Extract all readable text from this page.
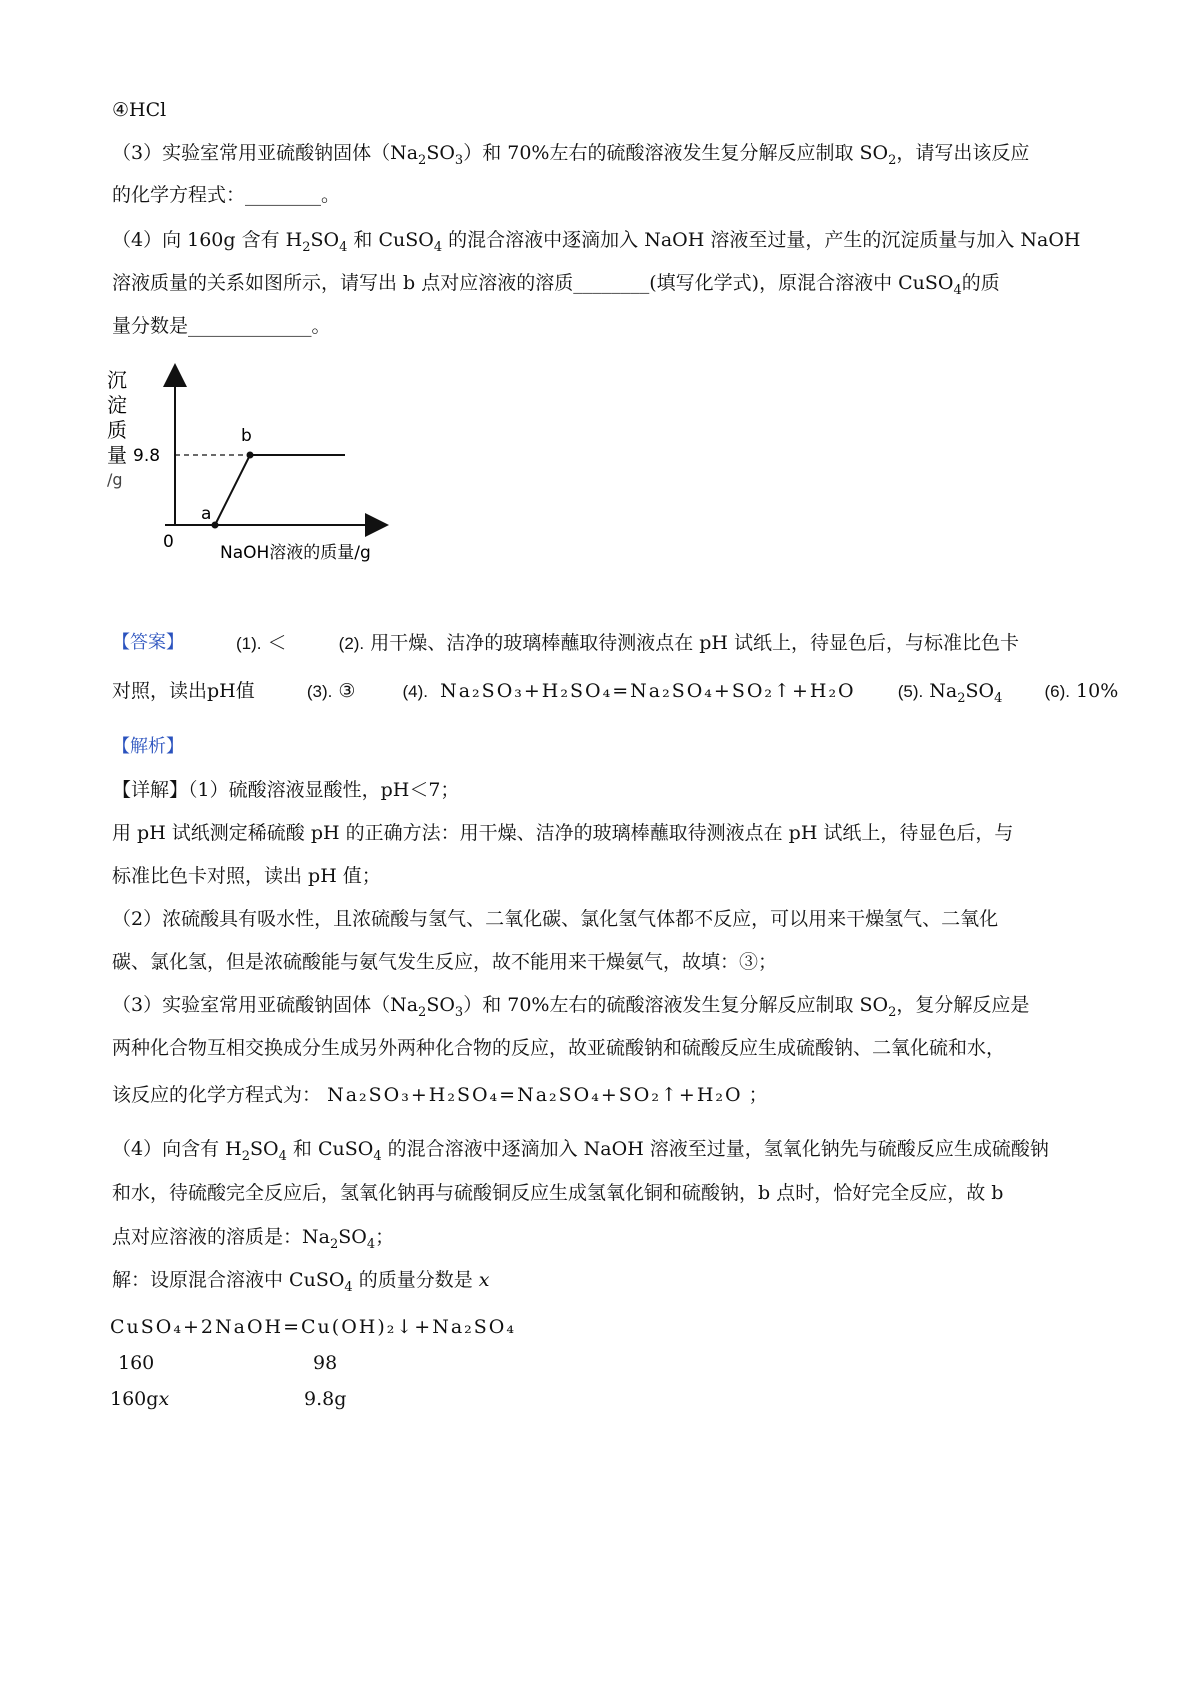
④HCl
（3）实验室常用亚硫酸钠固体$(Na_2SO_3)$和 70%左右的硫酸溶液发生复分解反应制取 $SO_2$，请写出该反应
的化学方程式：________。
（4）向 160g 含有 $H_2SO_4$ 和 CuSO$_4$ 的混合溶液中逐滴加入 NaOH 溶液至过量，产生的沉淀质量与加入 NaOH
溶液质量的关系如图所示，请写出 b 点对应溶液的溶质________(填写化学式)，原混合溶液中 CuSO$_4$的质
量分数是_____________。
a
b
9.8
0
沉
淀
质
量
/g
NaOH溶液的质量/g
【答案】	(1). ＜	(2). 用干燥、洁净的玻璃棒蘸取待测液点在 pH 试纸上，待显色后，与标准比色卡
对照，读出pH值	(3). ③	(4). Na₂SO₃+H₂SO₄=Na₂SO₄+SO₂↑+H₂O (5). $Na_2SO_4$ (6). 10%
【解析】
【详解】（1）硫酸溶液显酸性，pH＜7；
用 pH 试纸测定稀硫酸 pH 的正确方法：用干燥、洁净的玻璃棒蘸取待测液点在 pH 试纸上，待显色后，与
标准比色卡对照，读出 pH 值；
（2）浓硫酸具有吸水性，且浓硫酸与氢气、二氧化碳、氯化氢气体都不反应，可以用来干燥氢气、二氧化
碳、氯化氢，但是浓硫酸能与氨气发生反应，故不能用来干燥氨气，故填：③；
（3）实验室常用亚硫酸钠固体$(Na_2SO_3)$和 70%左右的硫酸溶液发生复分解反应制取 $SO_2$，复分解反应是
两种化合物互相交换成分生成另外两种化合物的反应，故亚硫酸钠和硫酸反应生成硫酸钠、二氧化硫和水，
该反应的化学方程式为： Na₂SO₃+H₂SO₄=Na₂SO₄+SO₂↑+H₂O ；
（4）向含有 $H_2SO_4$ 和 CuSO$_4$ 的混合溶液中逐滴加入 NaOH 溶液至过量，氢氧化钠先与硫酸反应生成硫酸钠
和水，待硫酸完全反应后，氢氧化钠再与硫酸铜反应生成氢氧化铜和硫酸钠，b 点时，恰好完全反应，故 b
点对应溶液的溶质是：$Na_2SO_4$；
解：设原混合溶液中 CuSO$_4$ 的质量分数是 x
CuSO₄+2NaOH=Cu(OH)₂↓+Na₂SO₄
160	98
160gx	9.8g
